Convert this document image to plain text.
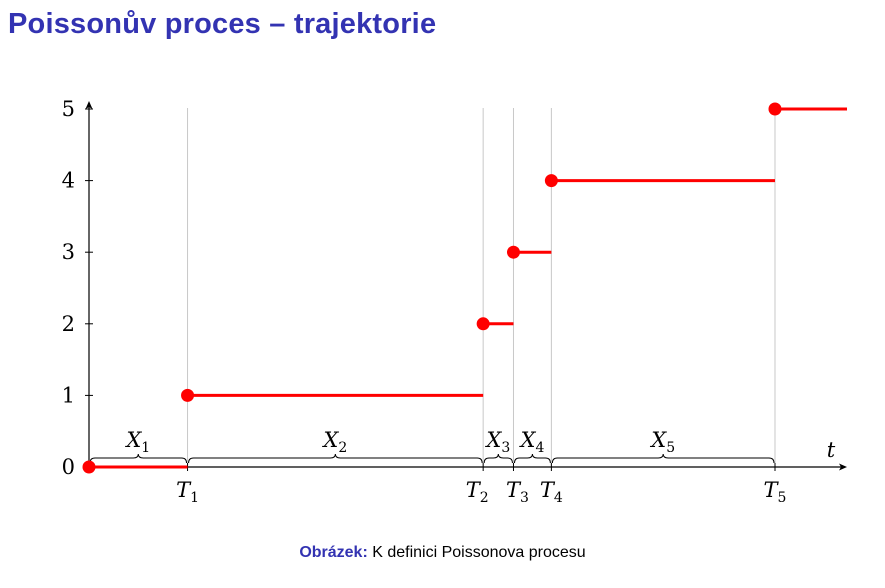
Poissonův proces – trajektorie
0
1
2
3
4
5
$T_1$	$T_2$ $T_3$ $T_4$	$T_5$
t
$X_1$	$X_2$	$X_3$ $X_4$	$X_5$
Obrázek: K definici Poissonova procesu
